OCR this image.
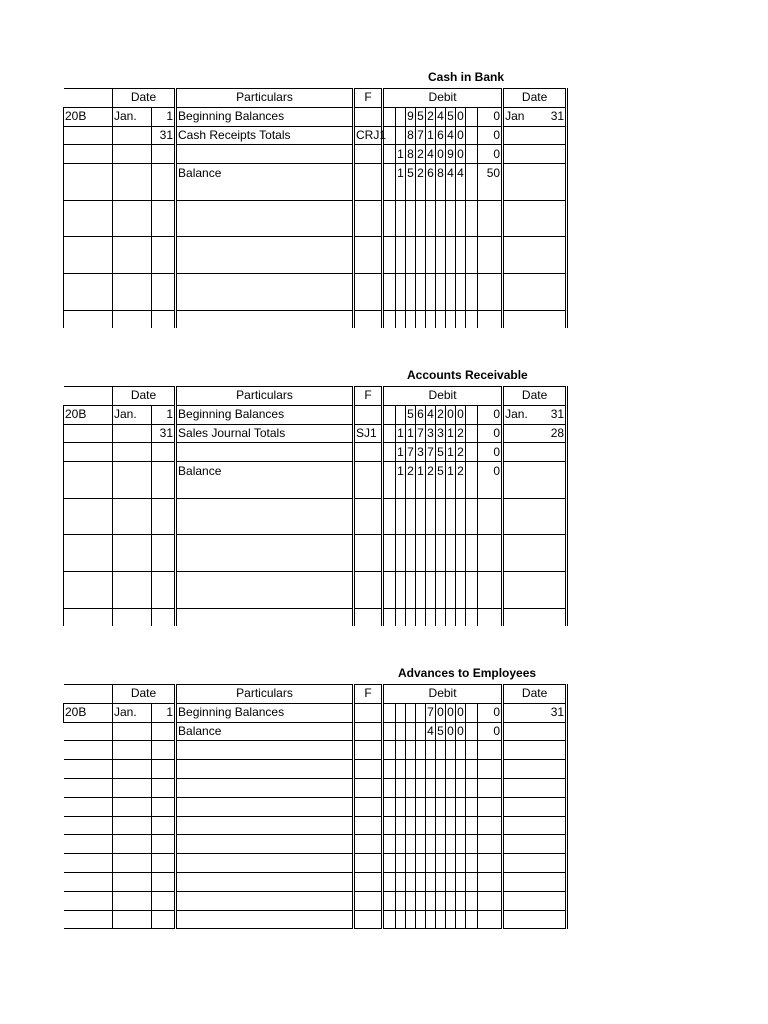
Cash in Bank
	Date		Particulars	F	Debit										Date	
20B	Jan.	1	Beginning Balances				9	5	2	4	5	0		0	Jan	31
		31	Cash Receipts Totals	CRJ1			8	7	1	6	4	0		0		
						1	8	2	4	0	9	0		0		
			Balance			1	5	2	6	8	4	4		50		

Accounts Receivable
	Date		Particulars	F	Debit										Date	
20B	Jan.	1	Beginning Balances				5	6	4	2	0	0		0	Jan.	31
		31	Sales Journal Totals	SJ1		1	1	7	3	3	1	2		0		28
						1	7	3	7	5	1	2		0		
			Balance			1	2	1	2	5	1	2		0		

Advances to Employees
	Date		Particulars	F	Debit										Date	
20B	Jan.	1	Beginning Balances						7	0	0	0		0		31
			Balance						4	5	0	0		0		
